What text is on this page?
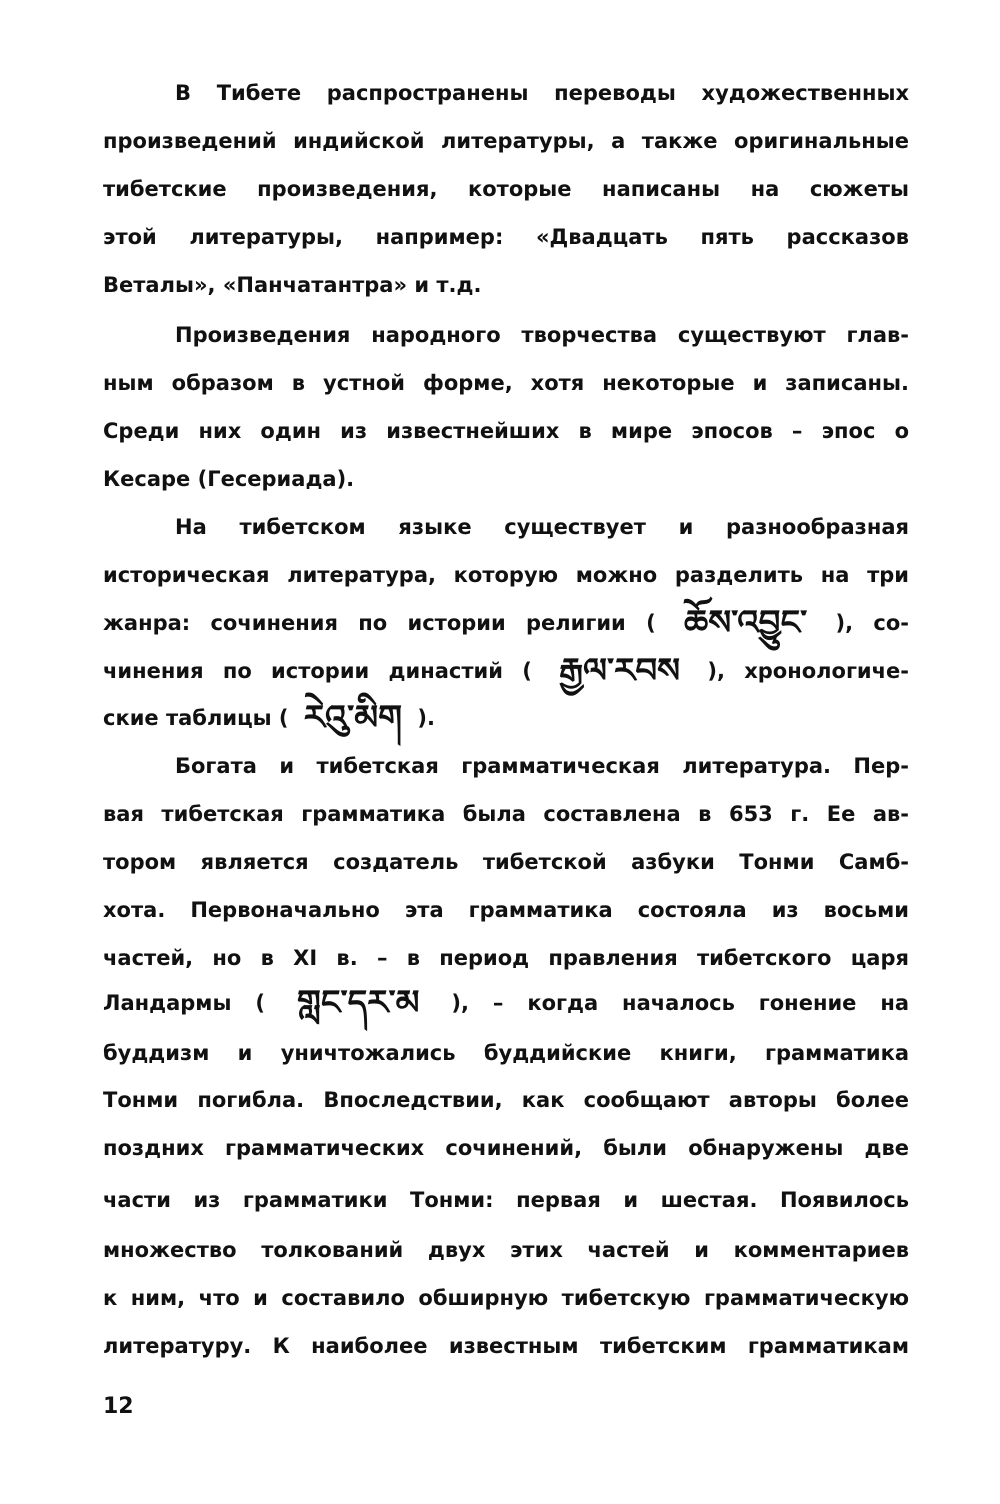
В Тибете распространены переводы художественных
произведений индийской литературы, а также оригинальные
тибетские произведения, которые написаны на сюжеты
этой литературы, например: «Двадцать пять рассказов
Веталы», «Панчатантра» и т.д.
Произведения народного творчества существуют глав-
ным образом в устной форме, хотя некоторые и записаны.
Среди них один из известнейших в мире эпосов – эпос о
Кесаре (Гесериада).
На тибетском языке существует и разнообразная
историческая литература, которую можно разделить на три
жанра: сочинения по истории религии ( ཆོས་འབྱུང་ ), со-
чинения по истории династий ( རྒྱལ་རབས ), хронологиче-
ские таблицы ( རེའུ་མིག ).
Богата и тибетская грамматическая литература. Пер-
вая тибетская грамматика была составлена в 653 г. Ее ав-
тором является создатель тибетской азбуки Тонми Самб-
хота. Первоначально эта грамматика состояла из восьми
частей, но в XI в. – в период правления тибетского царя
Ландармы ( གླང་དར་མ ), – когда началось гонение на
буддизм и уничтожались буддийские книги, грамматика
Тонми погибла. Впоследствии, как сообщают авторы более
поздних грамматических сочинений, были обнаружены две
части из грамматики Тонми: первая и шестая. Появилось
множество толкований двух этих частей и комментариев
к ним, что и составило обширную тибетскую грамматическую
литературу. К наиболее известным тибетским грамматикам
12
